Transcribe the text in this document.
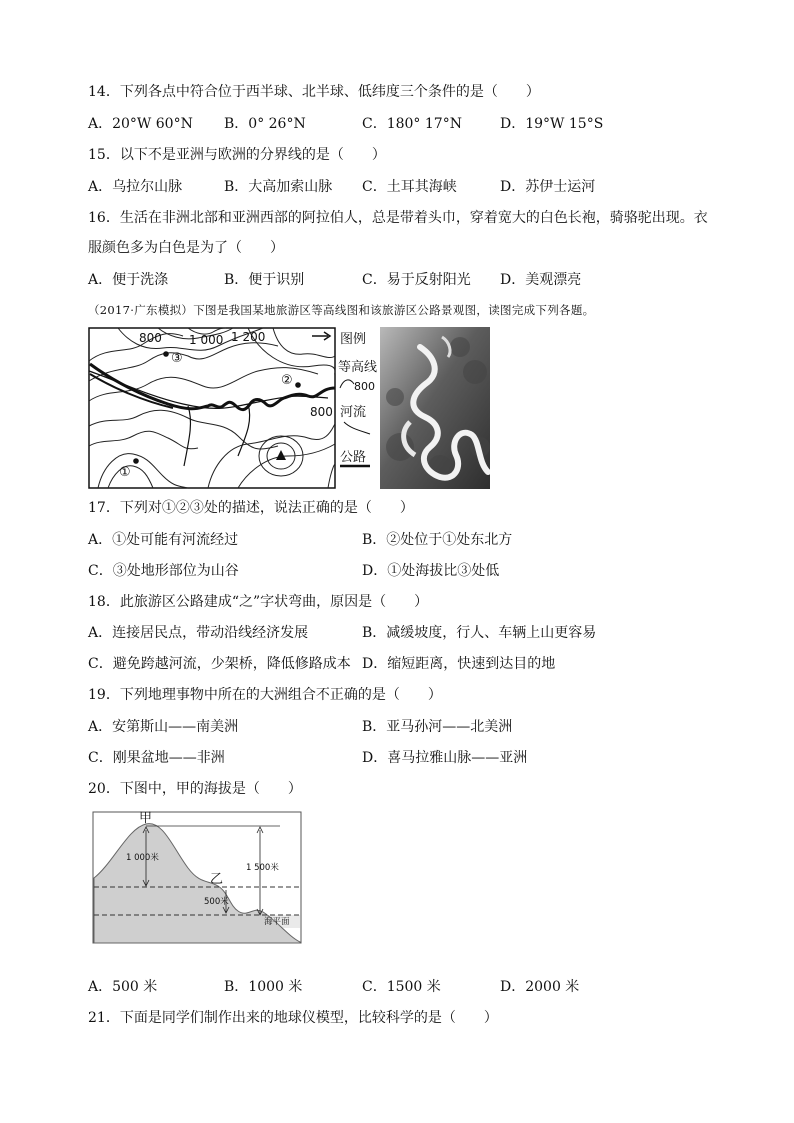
14．下列各点中符合位于西半球、北半球、低纬度三个条件的是（　　）
A．20°W 60°N B．0° 26°N	C．180° 17°N	D．19°W 15°S
15．以下不是亚洲与欧洲的分界线的是（　　）
A．乌拉尔山脉	B．大高加索山脉 C．土耳其海峡	D．苏伊士运河
16．生活在非洲北部和亚洲西部的阿拉伯人，总是带着头巾，穿着宽大的白色长袍，骑骆驼出现。衣
服颜色多为白色是为了（　　）
A．便于洗涤	B．便于识别	C．易于反射阳光 D．美观漂亮
（2017·广东模拟）下图是我国某地旅游区等高线图和该旅游区公路景观图，读图完成下列各题。
800 1 000 1 200
800
③
②
①
图例
等高线
800
河流
公路
17．下列对①②③处的描述，说法正确的是（　　）
A．①处可能有河流经过	B．②处位于①处东北方
C．③处地形部位为山谷	D．①处海拔比③处低
18．此旅游区公路建成“之”字状弯曲，原因是（　　）
A．连接居民点，带动沿线经济发展	B．减缓坡度，行人、车辆上山更容易
C．避免跨越河流，少架桥，降低修路成本 D．缩短距离，快速到达目的地
19．下列地理事物中所在的大洲组合不正确的是（　　）
A．安第斯山——南美洲	B．亚马孙河——北美洲
C．刚果盆地——非洲	D．喜马拉雅山脉——亚洲
20．下图中，甲的海拔是（　　）
甲
乙
1 000米
1 500米
500米
海平面
A．500 米	B．1000 米	C．1500 米	D．2000 米
21．下面是同学们制作出来的地球仪模型，比较科学的是（　　）
